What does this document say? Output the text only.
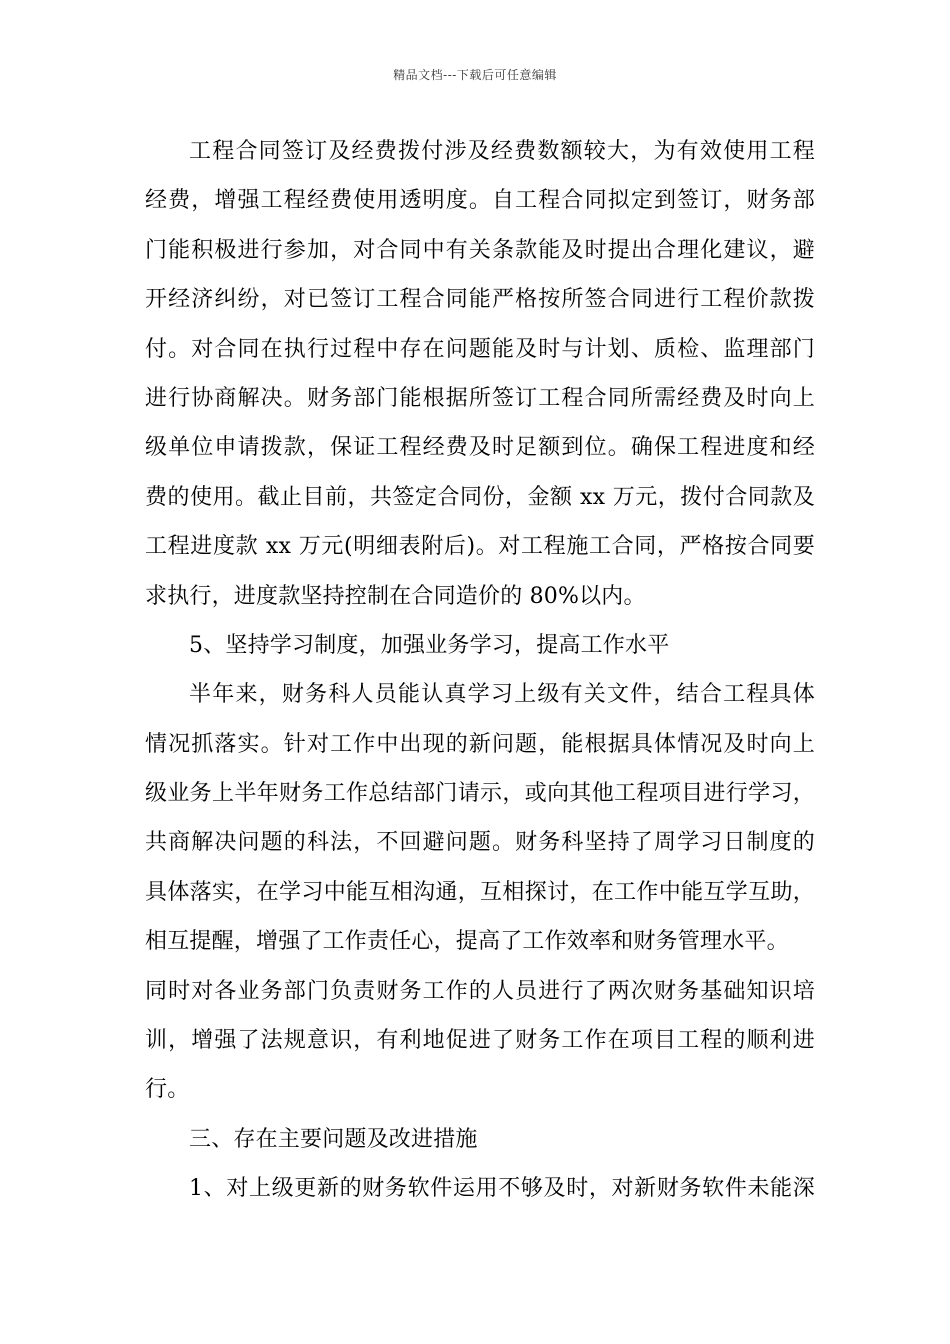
精品文档---下载后可任意编辑
工程合同签订及经费拨付涉及经费数额较大，为有效使用工程
经费，增强工程经费使用透明度。自工程合同拟定到签订，财务部
门能积极进行参加，对合同中有关条款能及时提出合理化建议，避
开经济纠纷，对已签订工程合同能严格按所签合同进行工程价款拨
付。对合同在执行过程中存在问题能及时与计划、质检、监理部门
进行协商解决。财务部门能根据所签订工程合同所需经费及时向上
级单位申请拨款，保证工程经费及时足额到位。确保工程进度和经
费的使用。截止目前，共签定合同份，金额 xx 万元，拨付合同款及
工程进度款 xx 万元(明细表附后)。对工程施工合同，严格按合同要
求执行，进度款坚持控制在合同造价的 80%以内。
5、坚持学习制度，加强业务学习，提高工作水平
半年来，财务科人员能认真学习上级有关文件，结合工程具体
情况抓落实。针对工作中出现的新问题，能根据具体情况及时向上
级业务上半年财务工作总结部门请示，或向其他工程项目进行学习，
共商解决问题的科法，不回避问题。财务科坚持了周学习日制度的
具体落实，在学习中能互相沟通，互相探讨，在工作中能互学互助，
相互提醒，增强了工作责任心，提高了工作效率和财务管理水平。
同时对各业务部门负责财务工作的人员进行了两次财务基础知识培
训，增强了法规意识，有利地促进了财务工作在项目工程的顺利进
行。
三、存在主要问题及改进措施
1、对上级更新的财务软件运用不够及时，对新财务软件未能深
